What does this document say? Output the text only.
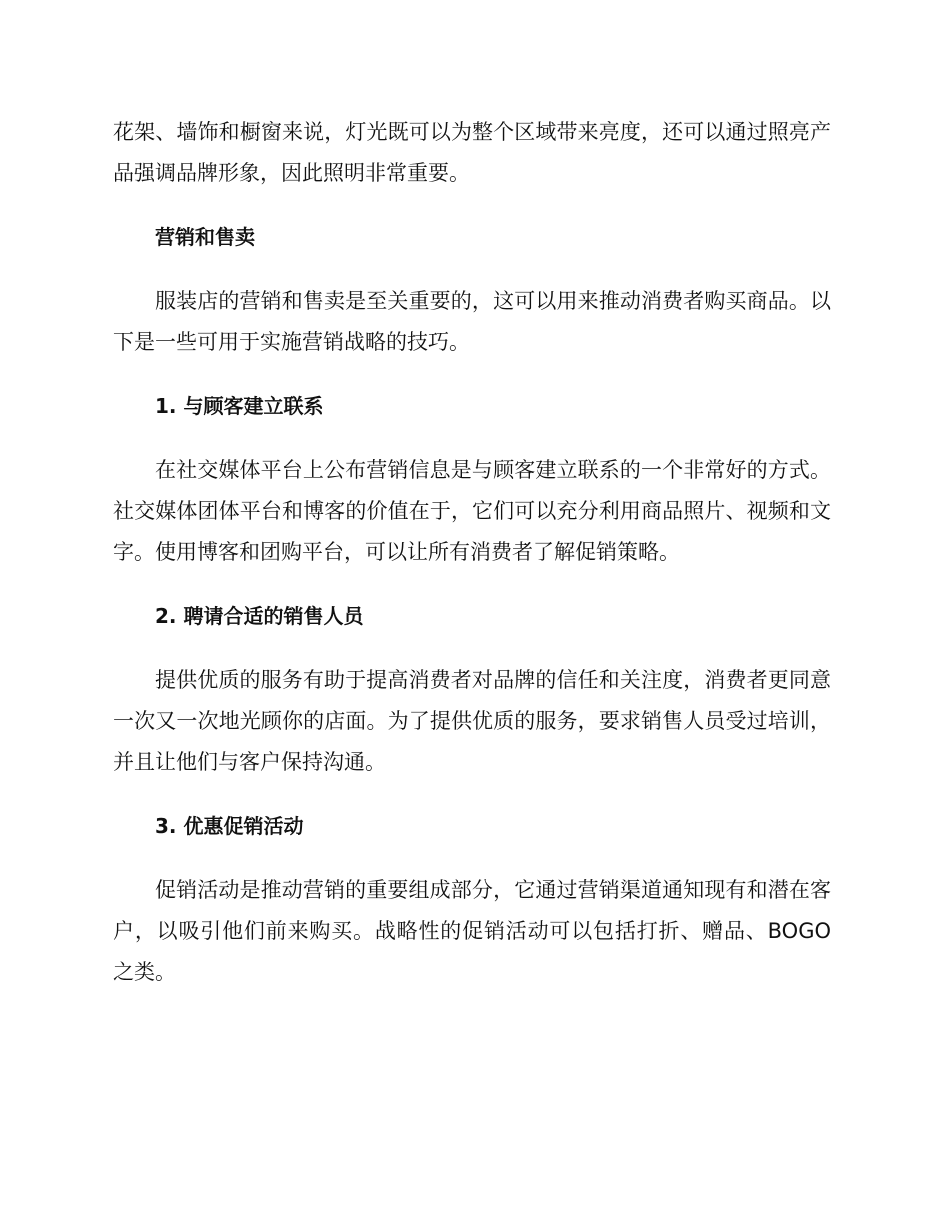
花架、墙饰和橱窗来说，灯光既可以为整个区域带来亮度，还可以通过照亮产品强调品牌形象，因此照明非常重要。

营销和售卖

服装店的营销和售卖是至关重要的，这可以用来推动消费者购买商品。以下是一些可用于实施营销战略的技巧。

1. 与顾客建立联系

在社交媒体平台上公布营销信息是与顾客建立联系的一个非常好的方式。社交媒体团体平台和博客的价值在于，它们可以充分利用商品照片、视频和文字。使用博客和团购平台，可以让所有消费者了解促销策略。

2. 聘请合适的销售人员

提供优质的服务有助于提高消费者对品牌的信任和关注度，消费者更同意一次又一次地光顾你的店面。为了提供优质的服务，要求销售人员受过培训，并且让他们与客户保持沟通。

3. 优惠促销活动

促销活动是推动营销的重要组成部分，它通过营销渠道通知现有和潜在客户，以吸引他们前来购买。战略性的促销活动可以包括打折、赠品、BOGO 之类。
